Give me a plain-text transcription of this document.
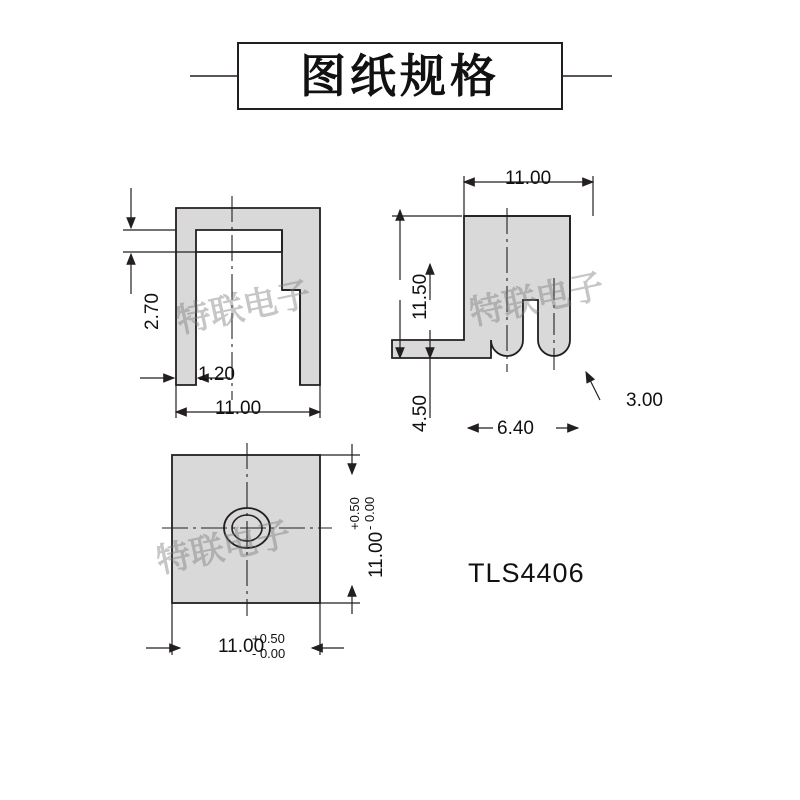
图纸规格
2.70
1.20
11.00
11.00
11.50
4.50	6.40
3.00
11.00
+0.50 - 0.00
11.00
+0.50
- 0.00
TLS4406
特联电子	特联电子
特联电子
